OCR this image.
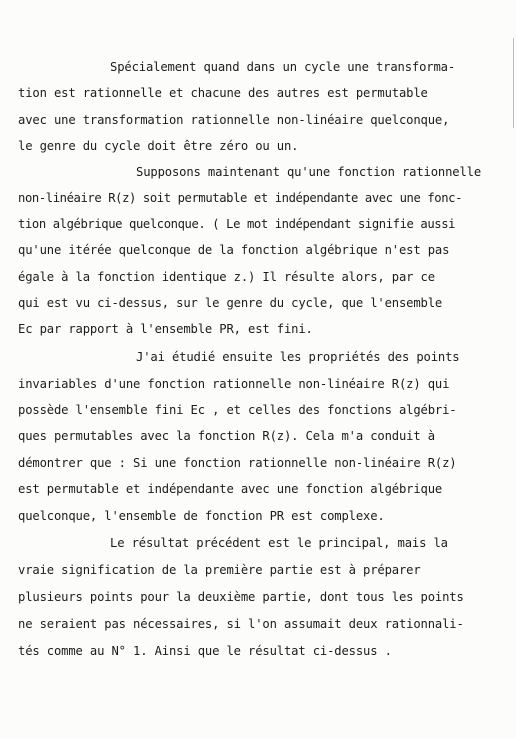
Spécialement quand dans un cycle une transforma-
tion est rationnelle et chacune des autres est permutable
avec une transformation rationnelle non-linéaire quelconque,
le genre du cycle doit être zéro ou un.
Supposons maintenant qu'une fonction rationnelle
non-linéaire R(z) soit permutable et indépendante avec une fonc-
tion algébrique quelconque. ( Le mot indépendant signifie aussi
qu'une itérée quelconque de la fonction algébrique n'est pas
égale à la fonction identique z.) Il résulte alors, par ce
qui est vu ci-dessus, sur le genre du cycle, que l'ensemble
Ec par rapport à l'ensemble PR, est fini.
J'ai étudié ensuite les propriétés des points
invariables d'une fonction rationnelle non-linéaire R(z) qui
possède l'ensemble fini Ec , et celles des fonctions algébri-
ques permutables avec la fonction R(z). Cela m'a conduit à
démontrer que : Si une fonction rationnelle non-linéaire R(z)
est permutable et indépendante avec une fonction algébrique
quelconque, l'ensemble de fonction PR est complexe.
Le résultat précédent est le principal, mais la
vraie signification de la première partie est à préparer
plusieurs points pour la deuxième partie, dont tous les points
ne seraient pas nécessaires, si l'on assumait deux rationnali-
tés comme au N° 1. Ainsi que le résultat ci-dessus .
